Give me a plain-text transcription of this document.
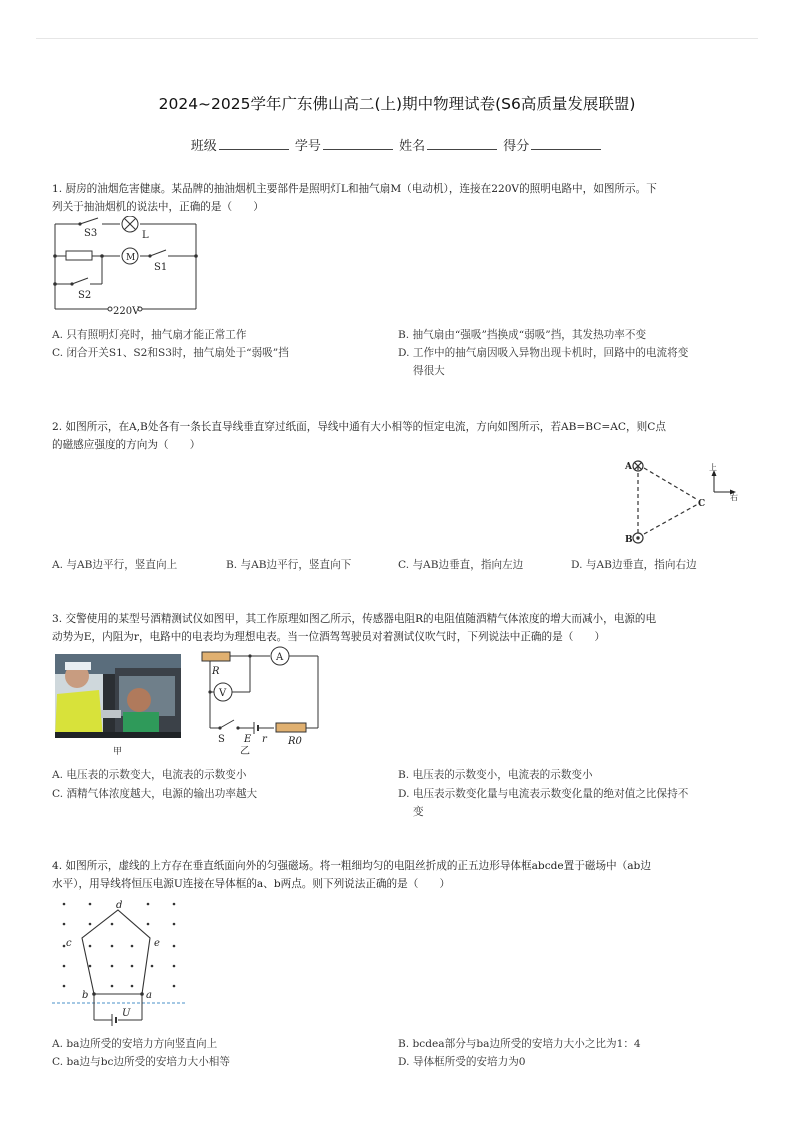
2024~2025学年广东佛山高二(上)期中物理试卷(S6高质量发展联盟)
班级	学号	姓名	得分
1. 厨房的油烟危害健康。某品牌的抽油烟机主要部件是照明灯L和抽气扇M（电动机），连接在220V的照明电路中，如图所示。下
列关于抽油烟机的说法中，正确的是（　　）
S3	L
M
S1
S2
220V
A. 只有照明灯亮时，抽气扇才能正常工作	B. 抽气扇由“强吸”挡换成“弱吸”挡，其发热功率不变
C. 闭合开关S1、S2和S3时，抽气扇处于“弱吸”挡	D. 工作中的抽气扇因吸入异物出现卡机时，回路中的电流将变
得很大
2. 如图所示，在A,B处各有一条长直导线垂直穿过纸面，导线中通有大小相等的恒定电流，方向如图所示，若AB=BC=AC，则C点
的磁感应强度的方向为（　　）
A
B
C
上
右
A. 与AB边平行，竖直向上	B. 与AB边平行，竖直向下	C. 与AB边垂直，指向左边	D. 与AB边垂直，指向右边
3. 交警使用的某型号酒精测试仪如图甲，其工作原理如图乙所示，传感器电阻R的电阻值随酒精气体浓度的增大而减小，电源的电
动势为E，内阻为r，电路中的电表均为理想电表。当一位酒驾驾驶员对着测试仪吹气时，下列说法中正确的是（　　）
甲
R
A
V
S E r R0
乙
A. 电压表的示数变大，电流表的示数变小	B. 电压表的示数变小，电流表的示数变小
C. 酒精气体浓度越大，电源的输出功率越大	D. 电压表示数变化量与电流表示数变化量的绝对值之比保持不
变
4. 如图所示，虚线的上方存在垂直纸面向外的匀强磁场。将一粗细均匀的电阻丝折成的正五边形导体框abcde置于磁场中（ab边
水平），用导线将恒压电源U连接在导体框的a、b两点。则下列说法正确的是（　　）
d
c	e
b	a
U
A. ba边所受的安培力方向竖直向上	B. bcdea部分与ba边所受的安培力大小之比为1：4
C. ba边与bc边所受的安培力大小相等	D. 导体框所受的安培力为0
